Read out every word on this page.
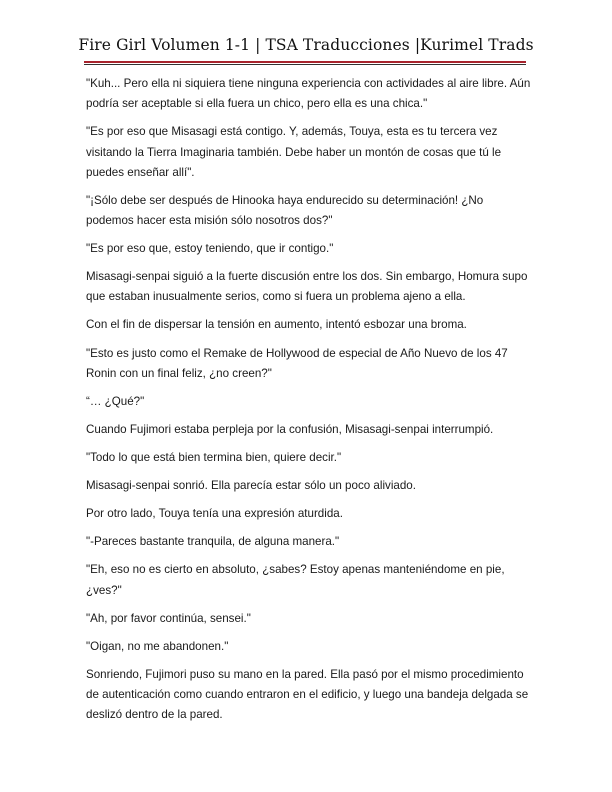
Fire Girl Volumen 1-1 | TSA Traducciones |Kurimel Trads

"Kuh... Pero ella ni siquiera tiene ninguna experiencia con actividades al aire libre. Aún podría ser aceptable si ella fuera un chico, pero ella es una chica."

"Es por eso que Misasagi está contigo. Y, además, Touya, esta es tu tercera vez visitando la Tierra Imaginaria también. Debe haber un montón de cosas que tú le puedes enseñar allí".

"¡Sólo debe ser después de Hinooka haya endurecido su determinación! ¿No podemos hacer esta misión sólo nosotros dos?"

"Es por eso que, estoy teniendo, que ir contigo."

Misasagi-senpai siguió a la fuerte discusión entre los dos. Sin embargo, Homura supo que estaban inusualmente serios, como si fuera un problema ajeno a ella.

Con el fin de dispersar la tensión en aumento, intentó esbozar una broma.

"Esto es justo como el Remake de Hollywood de especial de Año Nuevo de los 47 Ronin con un final feliz, ¿no creen?"

“… ¿Qué?"

Cuando Fujimori estaba perpleja por la confusión, Misasagi-senpai interrumpió.

"Todo lo que está bien termina bien, quiere decir."

Misasagi-senpai sonrió. Ella parecía estar sólo un poco aliviado.

Por otro lado, Touya tenía una expresión aturdida.

"-Pareces bastante tranquila, de alguna manera."

"Eh, eso no es cierto en absoluto, ¿sabes? Estoy apenas manteniéndome en pie, ¿ves?"

"Ah, por favor continúa, sensei."

"Oigan, no me abandonen."

Sonriendo, Fujimori puso su mano en la pared. Ella pasó por el mismo procedimiento de autenticación como cuando entraron en el edificio, y luego una bandeja delgada se deslizó dentro de la pared.
